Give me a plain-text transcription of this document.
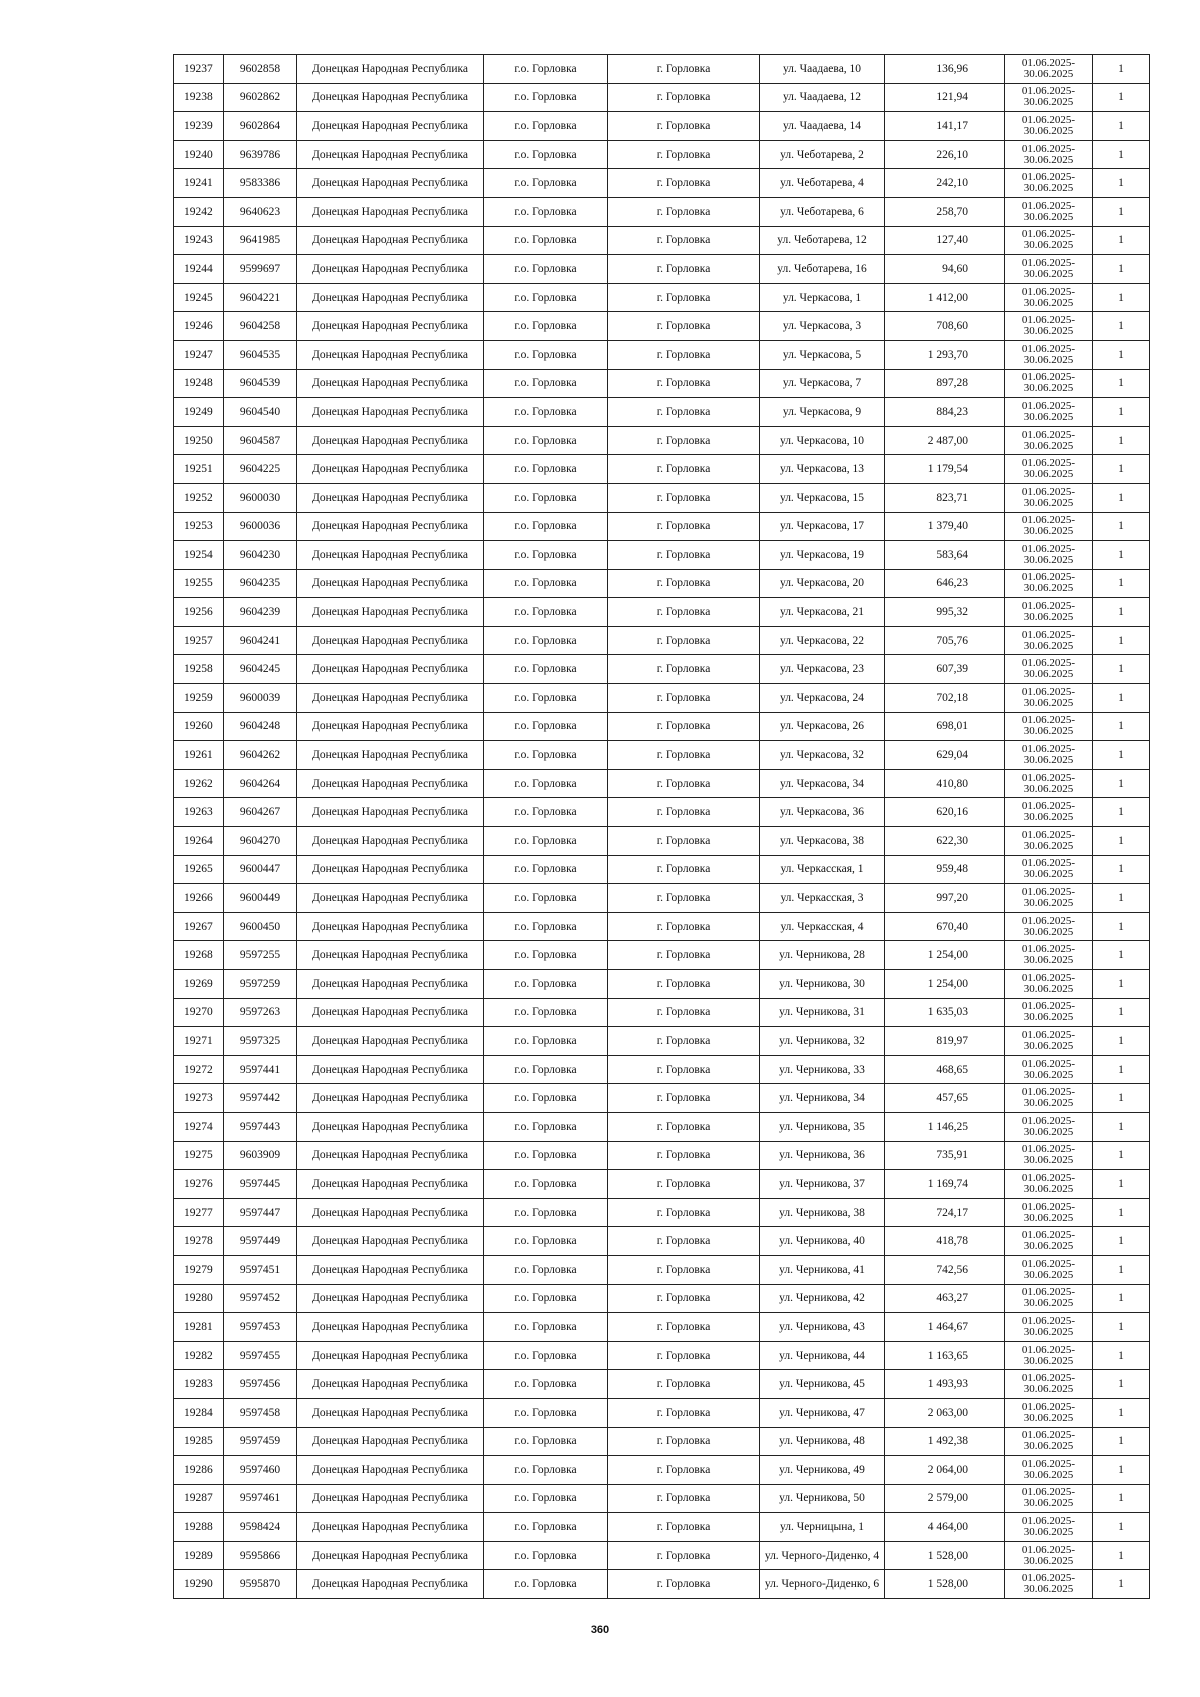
19237	9602858	Донецкая Народная Республика	г.о. Горловка	г. Горловка	ул. Чаадаева, 10	136,96	01.06.2025-
30.06.2025	1
19238	9602862	Донецкая Народная Республика	г.о. Горловка	г. Горловка	ул. Чаадаева, 12	121,94	01.06.2025-
30.06.2025	1
19239	9602864	Донецкая Народная Республика	г.о. Горловка	г. Горловка	ул. Чаадаева, 14	141,17	01.06.2025-
30.06.2025	1
19240	9639786	Донецкая Народная Республика	г.о. Горловка	г. Горловка	ул. Чеботарева, 2	226,10	01.06.2025-
30.06.2025	1
19241	9583386	Донецкая Народная Республика	г.о. Горловка	г. Горловка	ул. Чеботарева, 4	242,10	01.06.2025-
30.06.2025	1
19242	9640623	Донецкая Народная Республика	г.о. Горловка	г. Горловка	ул. Чеботарева, 6	258,70	01.06.2025-
30.06.2025	1
19243	9641985	Донецкая Народная Республика	г.о. Горловка	г. Горловка	ул. Чеботарева, 12	127,40	01.06.2025-
30.06.2025	1
19244	9599697	Донецкая Народная Республика	г.о. Горловка	г. Горловка	ул. Чеботарева, 16	94,60	01.06.2025-
30.06.2025	1
19245	9604221	Донецкая Народная Республика	г.о. Горловка	г. Горловка	ул. Черкасова, 1	1 412,00	01.06.2025-
30.06.2025	1
19246	9604258	Донецкая Народная Республика	г.о. Горловка	г. Горловка	ул. Черкасова, 3	708,60	01.06.2025-
30.06.2025	1
19247	9604535	Донецкая Народная Республика	г.о. Горловка	г. Горловка	ул. Черкасова, 5	1 293,70	01.06.2025-
30.06.2025	1
19248	9604539	Донецкая Народная Республика	г.о. Горловка	г. Горловка	ул. Черкасова, 7	897,28	01.06.2025-
30.06.2025	1
19249	9604540	Донецкая Народная Республика	г.о. Горловка	г. Горловка	ул. Черкасова, 9	884,23	01.06.2025-
30.06.2025	1
19250	9604587	Донецкая Народная Республика	г.о. Горловка	г. Горловка	ул. Черкасова, 10	2 487,00	01.06.2025-
30.06.2025	1
19251	9604225	Донецкая Народная Республика	г.о. Горловка	г. Горловка	ул. Черкасова, 13	1 179,54	01.06.2025-
30.06.2025	1
19252	9600030	Донецкая Народная Республика	г.о. Горловка	г. Горловка	ул. Черкасова, 15	823,71	01.06.2025-
30.06.2025	1
19253	9600036	Донецкая Народная Республика	г.о. Горловка	г. Горловка	ул. Черкасова, 17	1 379,40	01.06.2025-
30.06.2025	1
19254	9604230	Донецкая Народная Республика	г.о. Горловка	г. Горловка	ул. Черкасова, 19	583,64	01.06.2025-
30.06.2025	1
19255	9604235	Донецкая Народная Республика	г.о. Горловка	г. Горловка	ул. Черкасова, 20	646,23	01.06.2025-
30.06.2025	1
19256	9604239	Донецкая Народная Республика	г.о. Горловка	г. Горловка	ул. Черкасова, 21	995,32	01.06.2025-
30.06.2025	1
19257	9604241	Донецкая Народная Республика	г.о. Горловка	г. Горловка	ул. Черкасова, 22	705,76	01.06.2025-
30.06.2025	1
19258	9604245	Донецкая Народная Республика	г.о. Горловка	г. Горловка	ул. Черкасова, 23	607,39	01.06.2025-
30.06.2025	1
19259	9600039	Донецкая Народная Республика	г.о. Горловка	г. Горловка	ул. Черкасова, 24	702,18	01.06.2025-
30.06.2025	1
19260	9604248	Донецкая Народная Республика	г.о. Горловка	г. Горловка	ул. Черкасова, 26	698,01	01.06.2025-
30.06.2025	1
19261	9604262	Донецкая Народная Республика	г.о. Горловка	г. Горловка	ул. Черкасова, 32	629,04	01.06.2025-
30.06.2025	1
19262	9604264	Донецкая Народная Республика	г.о. Горловка	г. Горловка	ул. Черкасова, 34	410,80	01.06.2025-
30.06.2025	1
19263	9604267	Донецкая Народная Республика	г.о. Горловка	г. Горловка	ул. Черкасова, 36	620,16	01.06.2025-
30.06.2025	1
19264	9604270	Донецкая Народная Республика	г.о. Горловка	г. Горловка	ул. Черкасова, 38	622,30	01.06.2025-
30.06.2025	1
19265	9600447	Донецкая Народная Республика	г.о. Горловка	г. Горловка	ул. Черкасская, 1	959,48	01.06.2025-
30.06.2025	1
19266	9600449	Донецкая Народная Республика	г.о. Горловка	г. Горловка	ул. Черкасская, 3	997,20	01.06.2025-
30.06.2025	1
19267	9600450	Донецкая Народная Республика	г.о. Горловка	г. Горловка	ул. Черкасская, 4	670,40	01.06.2025-
30.06.2025	1
19268	9597255	Донецкая Народная Республика	г.о. Горловка	г. Горловка	ул. Черникова, 28	1 254,00	01.06.2025-
30.06.2025	1
19269	9597259	Донецкая Народная Республика	г.о. Горловка	г. Горловка	ул. Черникова, 30	1 254,00	01.06.2025-
30.06.2025	1
19270	9597263	Донецкая Народная Республика	г.о. Горловка	г. Горловка	ул. Черникова, 31	1 635,03	01.06.2025-
30.06.2025	1
19271	9597325	Донецкая Народная Республика	г.о. Горловка	г. Горловка	ул. Черникова, 32	819,97	01.06.2025-
30.06.2025	1
19272	9597441	Донецкая Народная Республика	г.о. Горловка	г. Горловка	ул. Черникова, 33	468,65	01.06.2025-
30.06.2025	1
19273	9597442	Донецкая Народная Республика	г.о. Горловка	г. Горловка	ул. Черникова, 34	457,65	01.06.2025-
30.06.2025	1
19274	9597443	Донецкая Народная Республика	г.о. Горловка	г. Горловка	ул. Черникова, 35	1 146,25	01.06.2025-
30.06.2025	1
19275	9603909	Донецкая Народная Республика	г.о. Горловка	г. Горловка	ул. Черникова, 36	735,91	01.06.2025-
30.06.2025	1
19276	9597445	Донецкая Народная Республика	г.о. Горловка	г. Горловка	ул. Черникова, 37	1 169,74	01.06.2025-
30.06.2025	1
19277	9597447	Донецкая Народная Республика	г.о. Горловка	г. Горловка	ул. Черникова, 38	724,17	01.06.2025-
30.06.2025	1
19278	9597449	Донецкая Народная Республика	г.о. Горловка	г. Горловка	ул. Черникова, 40	418,78	01.06.2025-
30.06.2025	1
19279	9597451	Донецкая Народная Республика	г.о. Горловка	г. Горловка	ул. Черникова, 41	742,56	01.06.2025-
30.06.2025	1
19280	9597452	Донецкая Народная Республика	г.о. Горловка	г. Горловка	ул. Черникова, 42	463,27	01.06.2025-
30.06.2025	1
19281	9597453	Донецкая Народная Республика	г.о. Горловка	г. Горловка	ул. Черникова, 43	1 464,67	01.06.2025-
30.06.2025	1
19282	9597455	Донецкая Народная Республика	г.о. Горловка	г. Горловка	ул. Черникова, 44	1 163,65	01.06.2025-
30.06.2025	1
19283	9597456	Донецкая Народная Республика	г.о. Горловка	г. Горловка	ул. Черникова, 45	1 493,93	01.06.2025-
30.06.2025	1
19284	9597458	Донецкая Народная Республика	г.о. Горловка	г. Горловка	ул. Черникова, 47	2 063,00	01.06.2025-
30.06.2025	1
19285	9597459	Донецкая Народная Республика	г.о. Горловка	г. Горловка	ул. Черникова, 48	1 492,38	01.06.2025-
30.06.2025	1
19286	9597460	Донецкая Народная Республика	г.о. Горловка	г. Горловка	ул. Черникова, 49	2 064,00	01.06.2025-
30.06.2025	1
19287	9597461	Донецкая Народная Республика	г.о. Горловка	г. Горловка	ул. Черникова, 50	2 579,00	01.06.2025-
30.06.2025	1
19288	9598424	Донецкая Народная Республика	г.о. Горловка	г. Горловка	ул. Черницына, 1	4 464,00	01.06.2025-
30.06.2025	1
19289	9595866	Донецкая Народная Республика	г.о. Горловка	г. Горловка	ул. Черного-Диденко, 4	1 528,00	01.06.2025-
30.06.2025	1
19290	9595870	Донецкая Народная Республика	г.о. Горловка	г. Горловка	ул. Черного-Диденко, 6	1 528,00	01.06.2025-
30.06.2025	1
360
